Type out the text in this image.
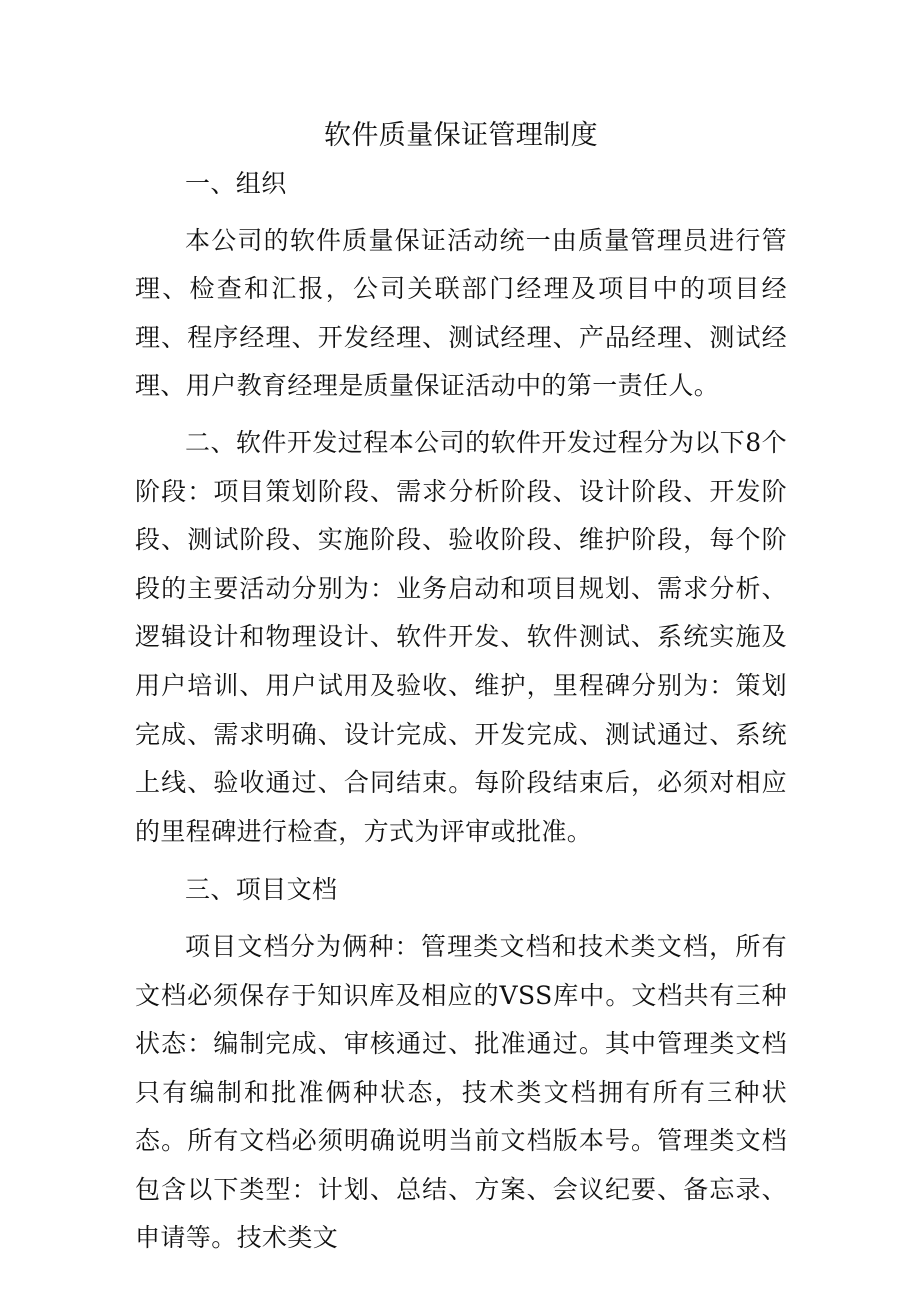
软件质量保证管理制度

一、组织

本公司的软件质量保证活动统一由质量管理员进行管理、检查和汇报，公司关联部门经理及项目中的项目经理、程序经理、开发经理、测试经理、产品经理、测试经理、用户教育经理是质量保证活动中的第一责任人。

二、软件开发过程本公司的软件开发过程分为以下8个阶段：项目策划阶段、需求分析阶段、设计阶段、开发阶段、测试阶段、实施阶段、验收阶段、维护阶段，每个阶段的主要活动分别为：业务启动和项目规划、需求分析、逻辑设计和物理设计、软件开发、软件测试、系统实施及用户培训、用户试用及验收、维护，里程碑分别为：策划完成、需求明确、设计完成、开发完成、测试通过、系统上线、验收通过、合同结束。每阶段结束后，必须对相应的里程碑进行检查，方式为评审或批准。

三、项目文档

项目文档分为俩种：管理类文档和技术类文档，所有文档必须保存于知识库及相应的VSS库中。文档共有三种状态：编制完成、审核通过、批准通过。其中管理类文档只有编制和批准俩种状态，技术类文档拥有所有三种状态。所有文档必须明确说明当前文档版本号。管理类文档包含以下类型：计划、总结、方案、会议纪要、备忘录、申请等。技术类文
